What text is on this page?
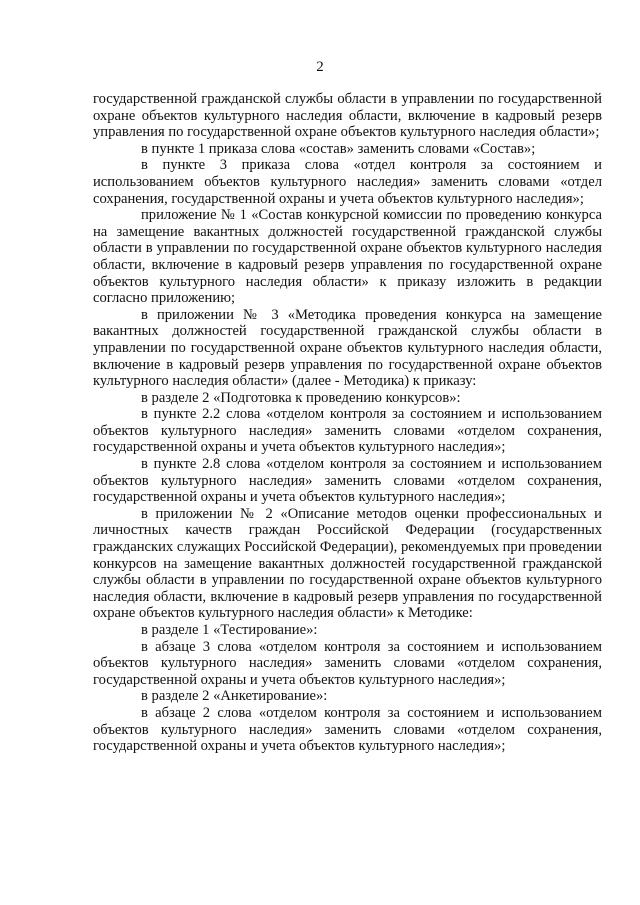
2

государственной гражданской службы области в управлении по государственной охране объектов культурного наследия области, включение в кадровый резерв управления по государственной охране объектов культурного наследия области»;

в пункте 1 приказа слова «состав» заменить словами «Состав»;

в пункте 3 приказа слова «отдел контроля за состоянием и использованием объектов культурного наследия» заменить словами «отдел сохранения, государственной охраны и учета объектов культурного наследия»;

приложение № 1 «Состав конкурсной комиссии по проведению конкурса на замещение вакантных должностей государственной гражданской службы области в управлении по государственной охране объектов культурного наследия области, включение в кадровый резерв управления по государственной охране объектов культурного наследия области» к приказу изложить в редакции согласно приложению;

в приложении № 3 «Методика проведения конкурса на замещение вакантных должностей государственной гражданской службы области в управлении по государственной охране объектов культурного наследия области, включение в кадровый резерв управления по государственной охране объектов культурного наследия области» (далее - Методика) к приказу:

в разделе 2 «Подготовка к проведению конкурсов»:

в пункте 2.2 слова «отделом контроля за состоянием и использованием объектов культурного наследия» заменить словами «отделом сохранения, государственной охраны и учета объектов культурного наследия»;

в пункте 2.8 слова «отделом контроля за состоянием и использованием объектов культурного наследия» заменить словами «отделом сохранения, государственной охраны и учета объектов культурного наследия»;

в приложении № 2 «Описание методов оценки профессиональных и личностных качеств граждан Российской Федерации (государственных гражданских служащих Российской Федерации), рекомендуемых при проведении конкурсов на замещение вакантных должностей государственной гражданской службы области в управлении по государственной охране объектов культурного наследия области, включение в кадровый резерв управления по государственной охране объектов культурного наследия области» к Методике:

в разделе 1 «Тестирование»:

в абзаце 3 слова «отделом контроля за состоянием и использованием объектов культурного наследия» заменить словами «отделом сохранения, государственной охраны и учета объектов культурного наследия»;

в разделе 2 «Анкетирование»:

в абзаце 2 слова «отделом контроля за состоянием и использованием объектов культурного наследия» заменить словами «отделом сохранения, государственной охраны и учета объектов культурного наследия»;
